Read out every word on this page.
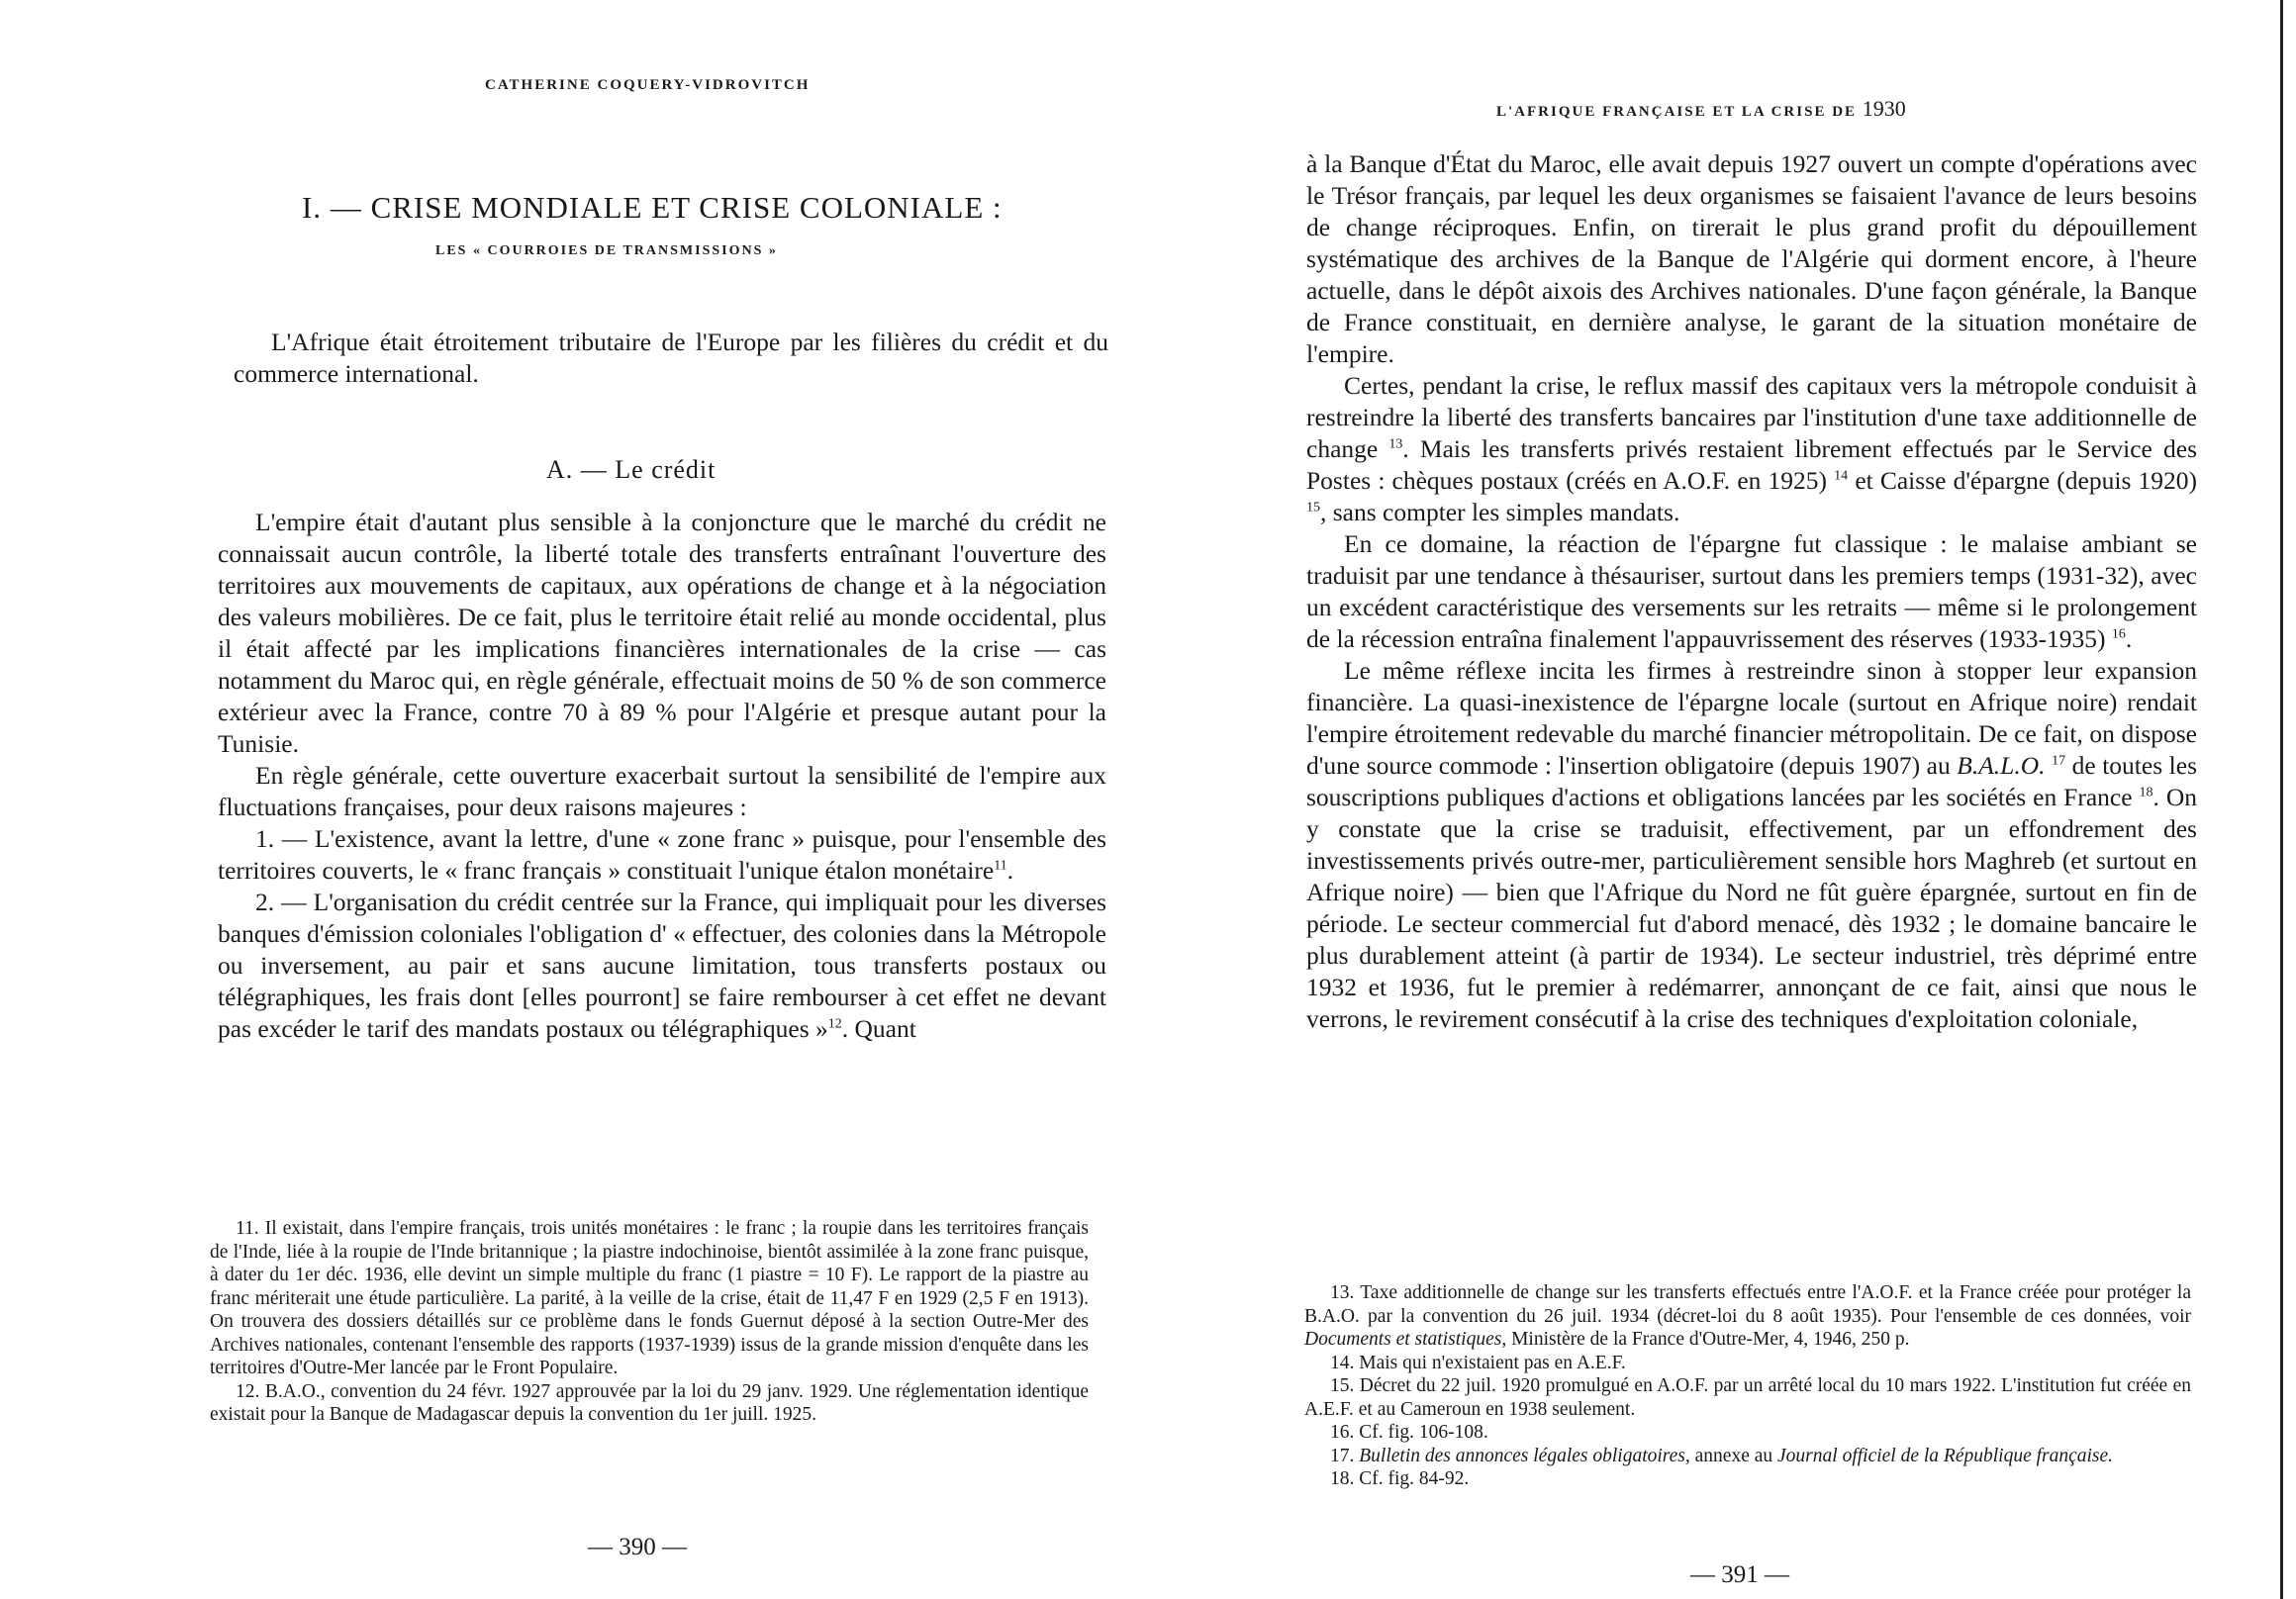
CATHERINE COQUERY-VIDROVITCH
I. — CRISE MONDIALE ET CRISE COLONIALE :
LES « COURROIES DE TRANSMISSIONS »

L'Afrique était étroitement tributaire de l'Europe par les filières du crédit et du commerce international.

A. — Le crédit

L'empire était d'autant plus sensible à la conjoncture que le marché du crédit ne connaissait aucun contrôle, la liberté totale des transferts entraînant l'ouverture des territoires aux mouvements de capitaux, aux opérations de change et à la négociation des valeurs mobilières. De ce fait, plus le territoire était relié au monde occidental, plus il était affecté par les implications financières internationales de la crise — cas notamment du Maroc qui, en règle générale, effectuait moins de 50 % de son commerce extérieur avec la France, contre 70 à 89 % pour l'Algérie et presque autant pour la Tunisie.

En règle générale, cette ouverture exacerbait surtout la sensibilité de l'empire aux fluctuations françaises, pour deux raisons majeures :

1. — L'existence, avant la lettre, d'une « zone franc » puisque, pour l'ensemble des territoires couverts, le « franc français » constituait l'unique étalon monétaire$^{11}$.

2. — L'organisation du crédit centrée sur la France, qui impliquait pour les diverses banques d'émission coloniales l'obligation d' « effectuer, des colonies dans la Métropole ou inversement, au pair et sans aucune limitation, tous transferts postaux ou télégraphiques, les frais dont [elles pourront] se faire rembourser à cet effet ne devant pas excéder le tarif des mandats postaux ou télégraphiques »$^{12}$. Quant

11. Il existait, dans l'empire français, trois unités monétaires : le franc ; la roupie dans les territoires français de l'Inde, liée à la roupie de l'Inde britannique ; la piastre indochinoise, bientôt assimilée à la zone franc puisque, à dater du 1er déc. 1936, elle devint un simple multiple du franc (1 piastre = 10 F). Le rapport de la piastre au franc mériterait une étude particulière. La parité, à la veille de la crise, était de 11,47 F en 1929 (2,5 F en 1913). On trouvera des dossiers détaillés sur ce problème dans le fonds Guernut déposé à la section Outre-Mer des Archives nationales, contenant l'ensemble des rapports (1937-1939) issus de la grande mission d'enquête dans les territoires d'Outre-Mer lancée par le Front Populaire.

12. B.A.O., convention du 24 févr. 1927 approuvée par la loi du 29 janv. 1929. Une réglementation identique existait pour la Banque de Madagascar depuis la convention du 1er juill. 1925.

— 390 —
L'AFRIQUE FRANÇAISE ET LA CRISE DE 1930

à la Banque d'État du Maroc, elle avait depuis 1927 ouvert un compte d'opérations avec le Trésor français, par lequel les deux organismes se faisaient l'avance de leurs besoins de change réciproques. Enfin, on tirerait le plus grand profit du dépouillement systématique des archives de la Banque de l'Algérie qui dorment encore, à l'heure actuelle, dans le dépôt aixois des Archives nationales. D'une façon générale, la Banque de France constituait, en dernière analyse, le garant de la situation monétaire de l'empire.

Certes, pendant la crise, le reflux massif des capitaux vers la métropole conduisit à restreindre la liberté des transferts bancaires par l'institution d'une taxe additionnelle de change $^{13}$. Mais les transferts privés restaient librement effectués par le Service des Postes : chèques postaux (créés en A.O.F. en 1925) $^{14}$ et Caisse d'épargne (depuis 1920) $^{15}$, sans compter les simples mandats.

En ce domaine, la réaction de l'épargne fut classique : le malaise ambiant se traduisit par une tendance à thésauriser, surtout dans les premiers temps (1931-32), avec un excédent caractéristique des versements sur les retraits — même si le prolongement de la récession entraîna finalement l'appauvrissement des réserves (1933-1935) $^{16}$.

Le même réflexe incita les firmes à restreindre sinon à stopper leur expansion financière. La quasi-inexistence de l'épargne locale (surtout en Afrique noire) rendait l'empire étroitement redevable du marché financier métropolitain. De ce fait, on dispose d'une source commode : l'insertion obligatoire (depuis 1907) au B.A.L.O. $^{17}$ de toutes les souscriptions publiques d'actions et obligations lancées par les sociétés en France $^{18}$. On y constate que la crise se traduisit, effectivement, par un effondrement des investissements privés outre-mer, particulièrement sensible hors Maghreb (et surtout en Afrique noire) — bien que l'Afrique du Nord ne fût guère épargnée, surtout en fin de période. Le secteur commercial fut d'abord menacé, dès 1932 ; le domaine bancaire le plus durablement atteint (à partir de 1934). Le secteur industriel, très déprimé entre 1932 et 1936, fut le premier à redémarrer, annonçant de ce fait, ainsi que nous le verrons, le revirement consécutif à la crise des techniques d'exploitation coloniale,

13. Taxe additionnelle de change sur les transferts effectués entre l'A.O.F. et la France créée pour protéger la B.A.O. par la convention du 26 juil. 1934 (décret-loi du 8 août 1935). Pour l'ensemble de ces données, voir Documents et statistiques, Ministère de la France d'Outre-Mer, 4, 1946, 250 p.

14. Mais qui n'existaient pas en A.E.F.

15. Décret du 22 juil. 1920 promulgué en A.O.F. par un arrêté local du 10 mars 1922. L'institution fut créée en A.E.F. et au Cameroun en 1938 seulement.

16. Cf. fig. 106-108.

17. Bulletin des annonces légales obligatoires, annexe au Journal officiel de la République française.

18. Cf. fig. 84-92.

— 391 —
